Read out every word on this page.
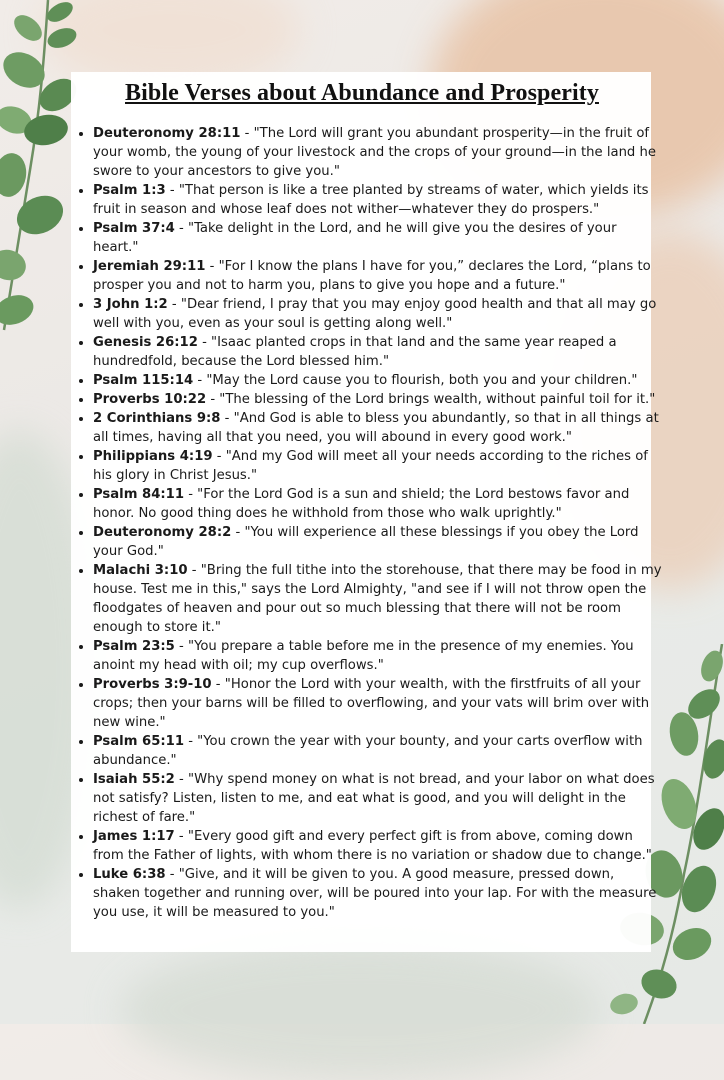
Bible Verses about Abundance and Prosperity
• Deuteronomy 28:11 - "The Lord will grant you abundant prosperity—in the fruit of your womb, the young of your livestock and the crops of your ground—in the land he swore to your ancestors to give you."
• Psalm 1:3 - "That person is like a tree planted by streams of water, which yields its fruit in season and whose leaf does not wither—whatever they do prospers."
• Psalm 37:4 - "Take delight in the Lord, and he will give you the desires of your heart."
• Jeremiah 29:11 - "For I know the plans I have for you,” declares the Lord, “plans to prosper you and not to harm you, plans to give you hope and a future."
• 3 John 1:2 - "Dear friend, I pray that you may enjoy good health and that all may go well with you, even as your soul is getting along well."
• Genesis 26:12 - "Isaac planted crops in that land and the same year reaped a hundredfold, because the Lord blessed him."
• Psalm 115:14 - "May the Lord cause you to flourish, both you and your children."
• Proverbs 10:22 - "The blessing of the Lord brings wealth, without painful toil for it."
• 2 Corinthians 9:8 - "And God is able to bless you abundantly, so that in all things at all times, having all that you need, you will abound in every good work."
• Philippians 4:19 - "And my God will meet all your needs according to the riches of his glory in Christ Jesus."
• Psalm 84:11 - "For the Lord God is a sun and shield; the Lord bestows favor and honor. No good thing does he withhold from those who walk uprightly."
• Deuteronomy 28:2 - "You will experience all these blessings if you obey the Lord your God."
• Malachi 3:10 - "Bring the full tithe into the storehouse, that there may be food in my house. Test me in this," says the Lord Almighty, "and see if I will not throw open the floodgates of heaven and pour out so much blessing that there will not be room enough to store it."
• Psalm 23:5 - "You prepare a table before me in the presence of my enemies. You anoint my head with oil; my cup overflows."
• Proverbs 3:9-10 - "Honor the Lord with your wealth, with the firstfruits of all your crops; then your barns will be filled to overflowing, and your vats will brim over with new wine."
• Psalm 65:11 - "You crown the year with your bounty, and your carts overflow with abundance."
• Isaiah 55:2 - "Why spend money on what is not bread, and your labor on what does not satisfy? Listen, listen to me, and eat what is good, and you will delight in the richest of fare."
• James 1:17 - "Every good gift and every perfect gift is from above, coming down from the Father of lights, with whom there is no variation or shadow due to change."
• Luke 6:38 - "Give, and it will be given to you. A good measure, pressed down, shaken together and running over, will be poured into your lap. For with the measure you use, it will be measured to you."
